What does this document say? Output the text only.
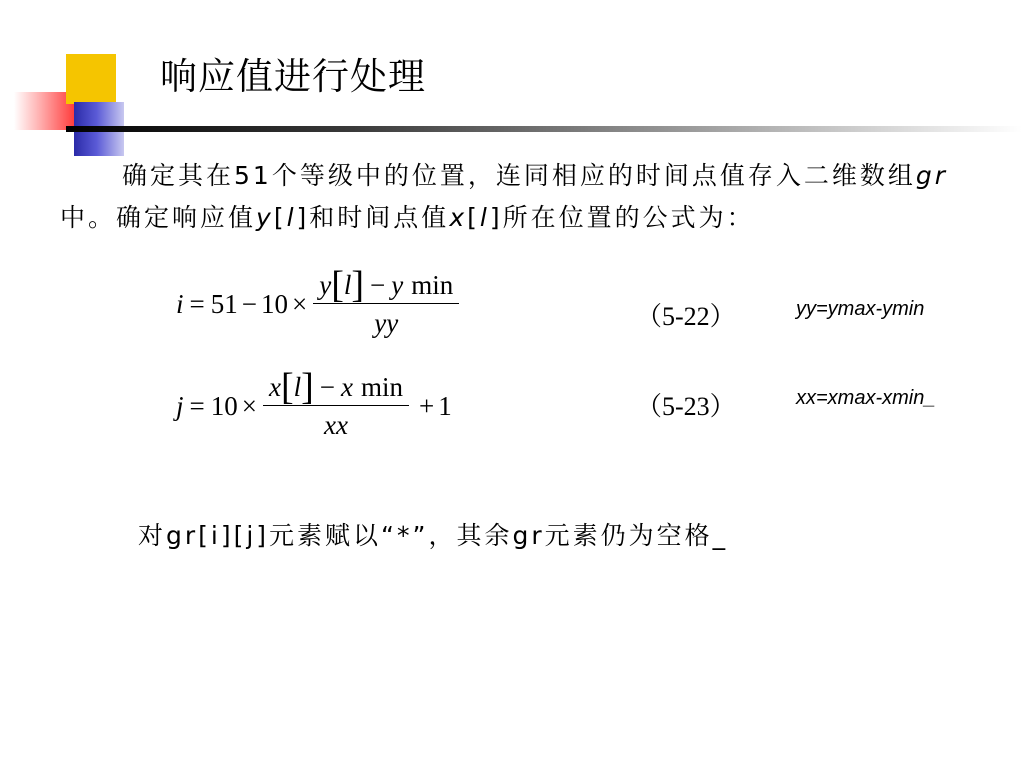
响应值进行处理

确定其在51个等级中的位置，连同相应的时间点值存入二维数组gr中。确定响应值y[l]和时间点值x[l]所在位置的公式为：

$i = 51 - 10 \times \frac{\text{y[l] − y min}}{yy}$	（5-22）	yy=ymax-ymin
$j = 10 \times \frac{\text{x[l] − x min}}{xx} + 1$	（5-23）	xx=xmax-xmin_

对gr[i][j]元素赋以“*”，其余gr元素仍为空格_
